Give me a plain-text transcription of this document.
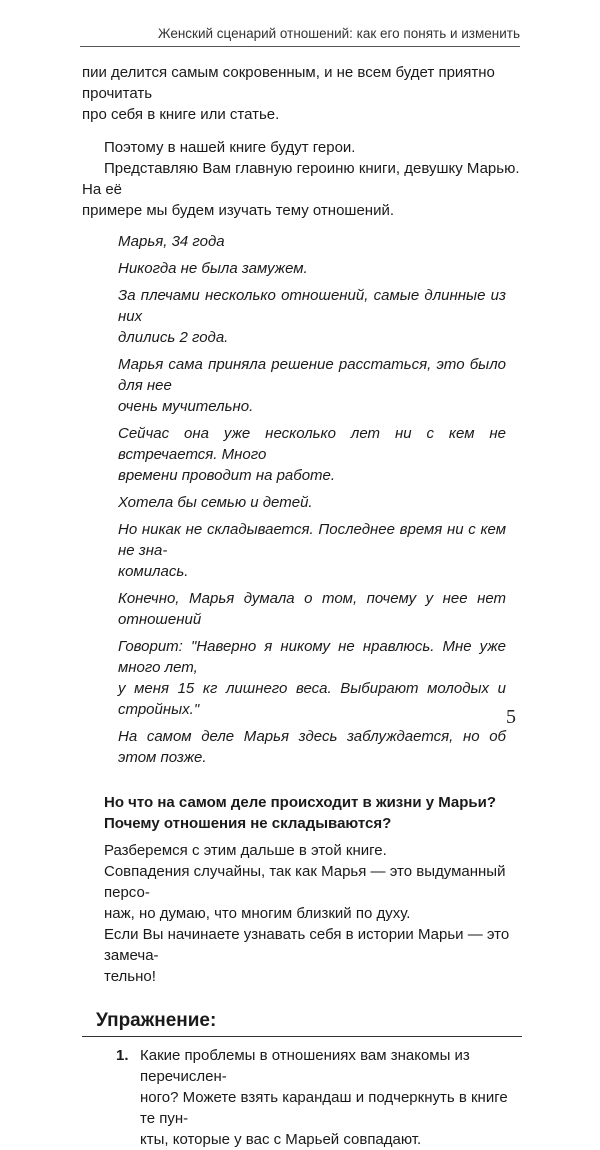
Женский сценарий отношений: как его понять и изменить
пии делится самым сокровенным, и не всем будет приятно прочитать
про себя в книге или статье.
Поэтому в нашей книге будут герои.
Представляю Вам главную героиню книги, девушку Марью. На её
примере мы будем изучать тему отношений.
Марья, 34 года
Никогда не была замужем.
За плечами несколько отношений, самые длинные из них
длились 2 года.
Марья сама приняла решение расстаться, это было для нее
очень мучительно.
Сейчас она уже несколько лет ни с кем не встречается. Много
времени проводит на работе.
Хотела бы семью и детей.
Но никак не складывается. Последнее время ни с кем не зна-
комилась.
Конечно, Марья думала о том, почему у нее нет отношений
Говорит: "Наверно я никому не нравлюсь. Мне уже много лет,
у меня 15 кг лишнего веса. Выбирают молодых и стройных."
На самом деле Марья здесь заблуждается, но об этом позже.
Но что на самом деле происходит в жизни у Марьи?
Почему отношения не складываются?
Разберемся с этим дальше в этой книге.
Совпадения случайны, так как Марья — это выдуманный персо-
наж, но думаю, что многим близкий по духу.
Если Вы начинаете узнавать себя в истории Марьи — это замеча-
тельно!
Упражнение:
1. Какие проблемы в отношениях вам знакомы из перечислен-
ного? Можете взять карандаш и подчеркнуть в книге те пун-
кты, которые у вас с Марьей совпадают.
5
